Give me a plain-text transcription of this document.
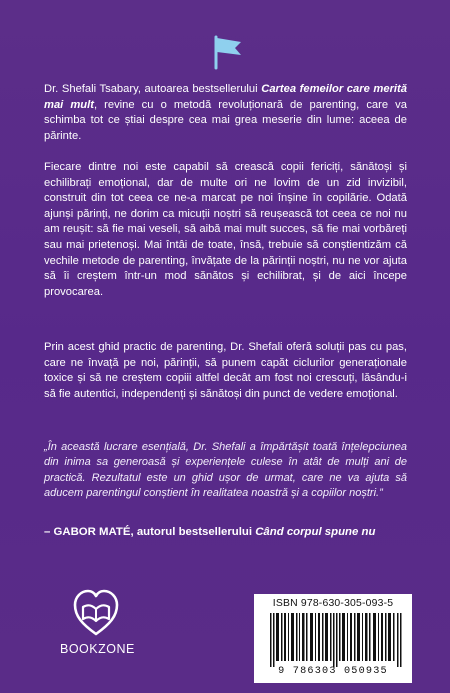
Dr. Shefali Tsabary, autoarea bestsellerului Cartea femeilor care merită mai mult, revine cu o metodă revoluționară de parenting, care va schimba tot ce știai despre cea mai grea meserie din lume: aceea de părinte.

Fiecare dintre noi este capabil să crească copii fericiți, sănătoși și echilibrați emoțional, dar de multe ori ne lovim de un zid invizibil, construit din tot ceea ce ne-a marcat pe noi înșine în copilărie. Odată ajunși părinți, ne dorim ca micuții noștri să reușească tot ceea ce noi nu am reușit: să fie mai veseli, să aibă mai mult succes, să fie mai vorbăreți sau mai prietenoși. Mai întâi de toate, însă, trebuie să conștientizăm că vechile metode de parenting, învățate de la părinții noștri, nu ne vor ajuta să îi creștem într-un mod sănătos și echilibrat, și de aici începe provocarea.

Prin acest ghid practic de parenting, Dr. Shefali oferă soluții pas cu pas, care ne învață pe noi, părinții, să punem capăt ciclurilor generaționale toxice și să ne creștem copiii altfel decât am fost noi crescuți, lăsându-i să fie autentici, independenți și sănătoși din punct de vedere emoțional.

„În această lucrare esențială, Dr. Shefali a împărtășit toată înțelepciunea din inima sa generoasă și experiențele culese în atât de mulți ani de practică. Rezultatul este un ghid ușor de urmat, care ne va ajuta să aducem parentingul conștient în realitatea noastră și a copiilor noștri.”
– GABOR MATÉ, autorul bestsellerului Când corpul spune nu
BOOKZONE
ISBN 978-630-305-093-5
9 786303 050935
